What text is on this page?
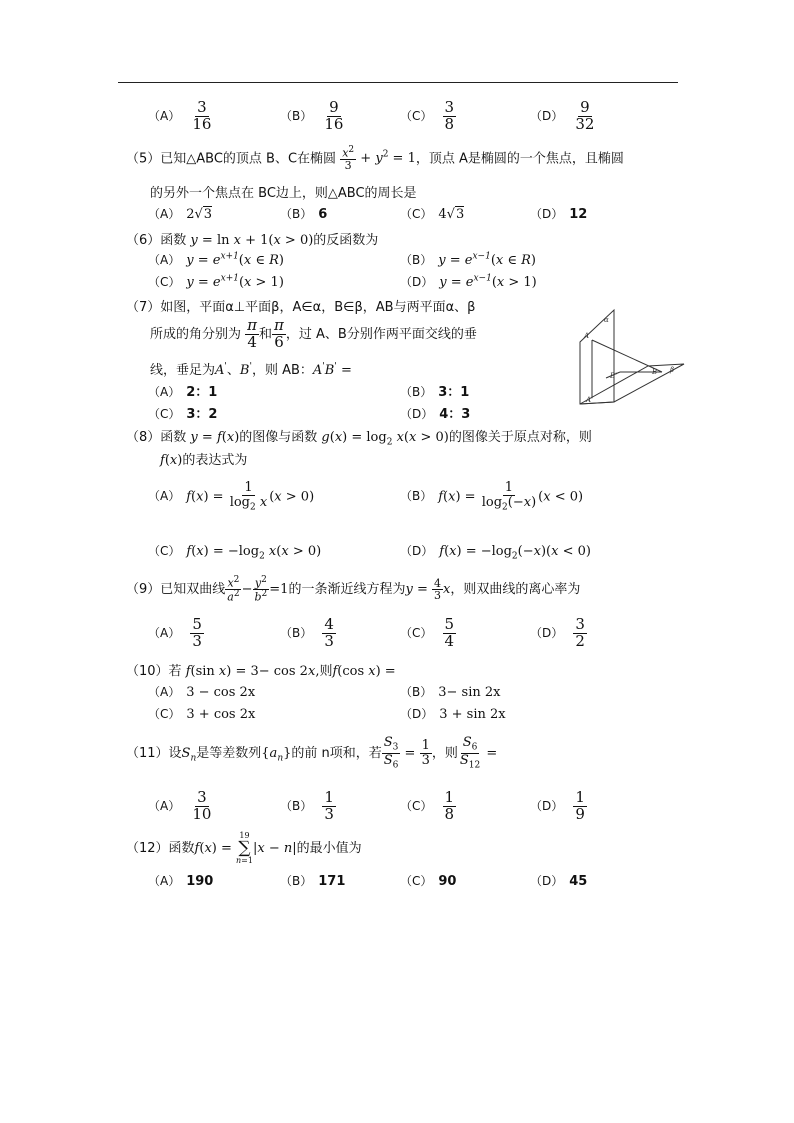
$(A) \frac{3}{16}$	$(B) \frac{9}{16}$	$(C) \frac{3}{8}$	$(D) \frac{9}{32}$
（5）已知△ABC的顶点 B、C在椭圆 $\frac{x^2}{3} + y^2 = 1$，顶点 A是椭圆的一个焦点，且椭圆
的另外一个焦点在 BC边上，则△ABC的周长是
（A） 2√3	（B） 6	（C） 4√3	（D） 12
（6）函数 y = ln x + 1(x > 0)的反函数为
（A） $y = e^{x+1}(x$ ∈ R)	（B） $y = e^{x-1}(x$ ∈ R)
（C） $y = e^{x+1}(x > 1)$	（D） $y = e^{x-1}(x > 1)$
（7）如图，平面α⊥平面β，A∈α，B∈β，AB与两平面α、β
所成的角分别为 $\frac{\pi}{4}$ 和 $\frac{\pi}{6}$ ，过 A、B分别作两平面交线的垂
线，垂足为A'、B'，则 AB：A'B' =
（A） 2：1	（B） 3：1
（C） 3：2	（D） 4：3
A
B
B'
A'
β
α
（8）函数 y = f(x)的图像与函数 $g(x) = \log_2 x(x > 0)$的图像关于原点对称，则
f(x)的表达式为
（A） $f(x) = \frac{1}{\log_2 x} (x > 0)$	（B） $f(x) = \frac{1}{\log_2(-x)} (x < 0)$
（C） $f(x) = -\log_2$ x(x > 0)	（D） $f(x) = -\log_2(-x)(x < 0)$
（9）已知双曲线 $\frac{x^2}{a^2} - \frac{y^2}{b^2} =1$的一条渐近线方程为$y = \frac{4}{3}$ x，则双曲线的离心率为
$(A) \frac{5}{3}$	$(B) \frac{4}{3}$	$(C) \frac{5}{4}$	$(D) \frac{3}{2}$
（10）若 f(sin x) = 3− cos 2x,则f(cos x) =
（A） 3 − cos 2x	（B） 3− sin 2x
（C） 3 + cos 2x	（D） 3 + sin 2x
（11）设$S_n$是等差数列$\{a_n\}$的前 n项和，若 $\frac{S_3}{S_6} = \frac{1}{3}$ ，则 $\frac{S_6}{S_{12}}$ =
$(A) \frac{3}{10}$	$(B) \frac{1}{3}$	$(C) \frac{1}{8}$	$(D) \frac{1}{9}$
（12）函数f(x) =
19
∑
n=1
|x − n|的最小值为
（A） 190	（B） 171	（C） 90	（D） 45
